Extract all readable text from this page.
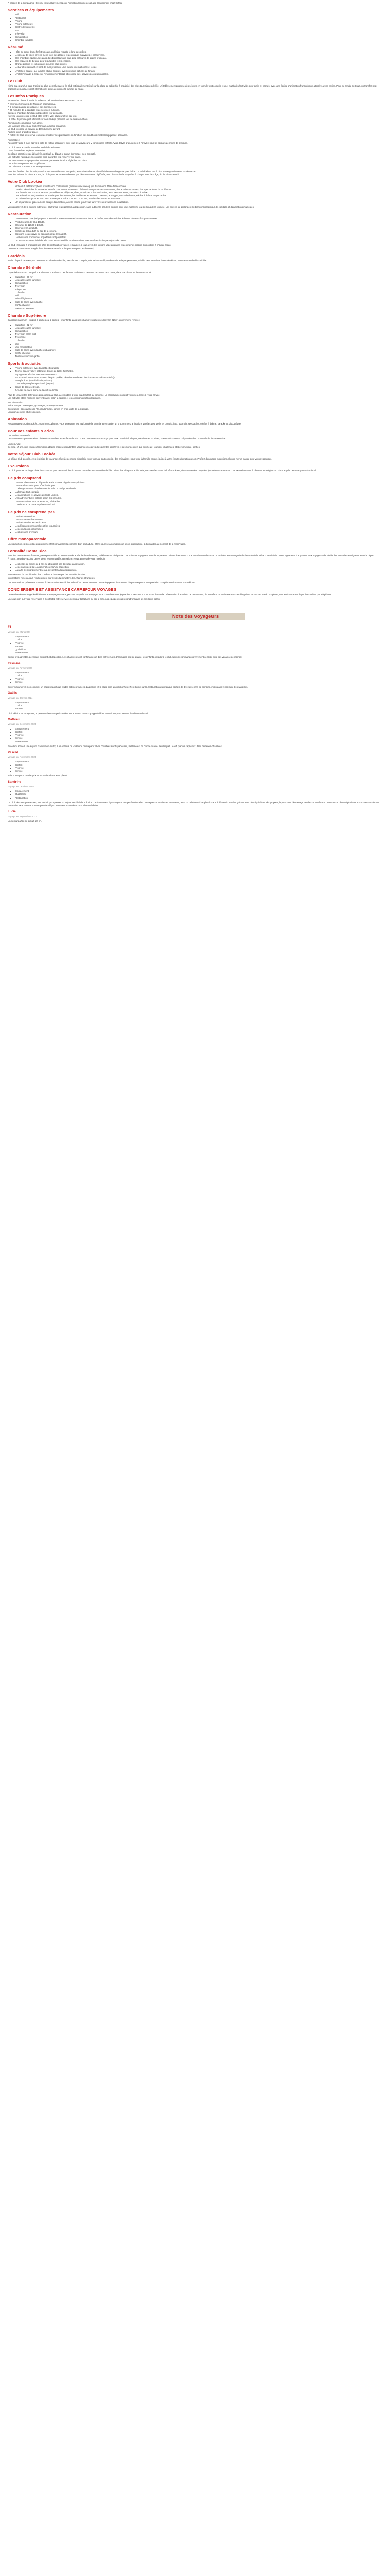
À propos de la compagnie : Ce prix est exclusivement pour Formation Concierge & Luge Equipement chez Coface
Services et équipements
• Wifi
• Restaurant
• Piscine
• Piscine extérieure
• Centre de bien-être
• Spa
• Télévision
• Climatisation
• Chambre familiale
Résumé
• Hôtel au cœur d'une forêt tropicale, en légère retraite le long des côtes.
• Le réseau de voies privées mène vers des plages et des criques sauvages et préservées.
• Des chambres spacieuses dans des bungalows de plain-pied entourés de jardins tropicaux.
• Des espaces de détente pour les adultes et les enfants.
• Grande piscine et club enfants pour les plus jeunes.
• Le bar et restaurant en bord de mer proposent une cuisine internationale et locale.
• L'hôtel est adapté aux familles et aux couples, avec plusieurs options de forfaits.
• L'hôtel s'engage à respecter l'environnement local et propose des activités éco-responsables.
Le Club
Niché au cœur d'un parc tropical de plus de 30 hectares, le Club est idéalement situé sur la plage de sable fin, à proximité des sites touristiques de l'île. L'établissement propose des séjours en formule tout compris et une multitude d'activités pour petits et grands, avec une équipe d'animation francophone attentive à vos envies. Pour se rendre au Club, un transfert est organisé depuis l'aéroport international, situé à environ 45 minutes de route.
Les Infos Pratiques
Arrivée des clients à partir de 15h00 et départ des chambres avant 12h00.
À environ 45 minutes de l'aéroport international.
À 5 minutes à pied du village et des commerces.
À 30 minutes de la capitale et de ses sites culturels.
Édit des chambres familiales disponibles sur demande.
Navette gratuite entre le Club et le centre-ville, plusieurs fois par jour.
Lit bébé disponible gratuitement sur demande (à préciser lors de la réservation).
Animaux de compagnie non admis.
Les langues parlées au Club : français, anglais, espagnol.
Le Club propose un service de blanchisserie payant.
Parking privé gratuit sur place.
À noter : le Club se réserve le droit de modifier ses prestations en fonction des conditions météorologiques et sanitaires.
Formalités :
Passport valide 6 mois après la date de retour obligatoire pour tous les voyageurs, y compris les enfants. Visa délivré gratuitement à l'arrivée pour les séjours de moins de 30 jours.
Le Club vous accueille selon les modalités suivantes :
Carte de crédit et espèces acceptées.
Dépôt de garantie exigé à l'arrivée, restitué au départ si aucun dommage n'est constaté.
Les activités nautiques motorisées sont payantes et à réserver sur place.
Les excursions sont proposées par notre partenaire local et réglables sur place.
Les soins au spa sont en supplément.
Les boissons premium sont en supplément.
Pour les familles : le Club dispose d'un espace dédié aux tout-petits, avec chaise haute, chauffe-biberon et baignoire pour bébé. Le kit bébé est mis à disposition gratuitement sur demande.
Pour les enfants de plus de 4 ans, le Club propose un encadrement par des animateurs diplômés, avec des activités adaptées à chaque tranche d'âge, du lundi au samedi.
Votre Club Lookéa
• Notre club est francophone et ambiance chaleureuse garantie avec une équipe d'animation 100% francophone.
• Lookéa : des clubs de vacances pensés pour toutes les envies, où l'on vit au rythme des animations, des activités sportives, des spectacles et de la détente.
• Une formule tout compris incluant petit-déjeuner, déjeuner, dîner, snacks et boissons locales, avec ou sans alcool, de 10h00 à 23h00.
• Des animations en journée et en soirée pour les adultes, les familles et les enfants : tournois, aquagym, cours de danse, soirées à thème et spectacles.
• Un club enfants pour les 4-12 ans et un espace ados pour les 13-17 ans, pendant les vacances scolaires.
• Un séjour réussi grâce à notre équipe d'animation, à votre écoute pour vous faire vivre des vacances inoubliables.
Vous profiterez de la piscine extérieure, du transat et du parasol à disposition, sans oublier le bar de la piscine pour vous rafraîchir tout au long de la journée. Les soirées se prolongent au bar principal autour de cocktails et d'animations musicales.
Restauration
• Le restaurant principal propose une cuisine internationale et locale sous forme de buffet, avec des soirées à thème plusieurs fois par semaine.
• Petit-déjeuner de 7h à 10h30.
• Déjeuner de 12h30 à 14h30.
• Dîner de 19h à 21h30.
• Snacks de 11h à 18h au bar de la piscine.
• Boissons locales avec ou sans alcool de 10h à 23h.
• Les boissons premium et importées sont payantes.
• Un restaurant de spécialités à la carte est accessible sur réservation, avec un dîner inclus par séjour de 7 nuits.
Le Club s'engage à proposer une offre de restauration variée et adaptée à tous, avec des options végétariennes et des menus enfants disponibles à chaque repas.
Une tenue correcte est exigée dans les restaurants le soir (pantalon pour les hommes).
Gardénia
Tarifs : À partir de 890€ par personne en chambre double, formule tout compris, vols inclus au départ de Paris. Prix par personne, valable pour certaines dates de départ, sous réserve de disponibilité.
Chambre Sérénité
Capacité maximum : jusqu'à 3 adultes ou 2 adultes + 1 enfant ou 2 adultes + 2 enfants de moins de 12 ans, dans une chambre d'environ 28 m².
• Superficie : 28 m²
• Lit double ou lits jumeaux
• Climatisation
• Télévision
• Téléphone
• Coffre-fort
• Wifi
• Mini-réfrigérateur
• Salle de bains avec douche
• Sèche-cheveux
• Balcon ou terrasse
Chambre Supérieure
Capacité maximum : jusqu'à 3 adultes ou 2 adultes + 2 enfants, dans une chambre spacieuse d'environ 32 m², entièrement rénovée.
• Superficie : 32 m²
• Lit double ou lits jumeaux
• Climatisation
• Télévision écran plat
• Téléphone
• Coffre-fort
• Wifi
• Mini-réfrigérateur
• Salle de bains avec douche ou baignoire
• Sèche-cheveux
• Terrasse avec vue jardin
Sports & activités
• Piscine extérieure avec transats et parasols.
• Tennis, beach-volley, pétanque, tennis de table, fléchettes.
• Aquagym et aérobic avec nos animateurs.
• Sports nautiques non motorisés : kayak, paddle, planche à voile (en fonction des conditions météo).
• Plongée libre (matériel à disposition).
• Centre de plongée à proximité (payant).
• Cours de danse et yoga.
• Activités de découverte de la culture locale.
Plus de 40 activités différentes proposées au Club, accessibles à tous, du débutant au confirmé. Le programme complet vous sera remis à votre arrivée.
Les activités et les horaires peuvent varier selon la saison et les conditions météorologiques.
Sur réservation :
Soins au spa : massages, gommages, enveloppements.
Excursions : découverte de l'île, randonnées, sorties en mer, visite de la capitale.
Location de vélos et de scooters.
Animation
Nos animateurs Club Lookéa, 100% francophones, vous proposent tout au long de la journée et en soirée un programme d'animations variées pour petits et grands : jeux, tournois, spectacles, soirées à thème, karaoké et discothèque.
Pour vos enfants & ados
Les ateliers du Lookéa :
Des animateurs passionnés et diplômés accueillent les enfants de 4 à 12 ans dans un espace conçu pour eux : activités ludiques, créatives et sportives, sorties découverte, préparation d'un spectacle de fin de semaine.
Lookéa Ado :
De 13 à 17 ans, une équipe d'animation dédiée propose pendant les vacances scolaires des activités sportives et des soirées rien que pour eux : tournois, challenges, ateliers musique, sorties.
Votre Séjour Club Lookéa
Le séjour Club Lookéa, c'est le plaisir de vacances réussies en toute simplicité : une formule tout compris, des animations pour toute la famille et une équipe à votre écoute du matin au soir. Profitez d'un cadre exceptionnel entre mer et nature pour vous ressourcer.
Excursions
Le Club propose un large choix d'excursions pour découvrir les richesses naturelles et culturelles de l'île : visite des villages traditionnels, randonnées dans la forêt tropicale, observation des dauphins, journée en catamaran. Les excursions sont à réserver et à régler sur place auprès de notre partenaire local.
Ce prix comprend
• Les vols aller-retour au départ de Paris sur vols réguliers ou spéciaux.
• Les transferts aéroport / hôtel / aéroport.
• L'hébergement en chambre double selon la catégorie choisie.
• La formule tout compris.
• Les animations et activités du Club Lookéa.
• L'encadrement des enfants selon les périodes.
• Les taxes aéroport et redevances, révisables.
• L'assistance de notre représentant local.
Ce prix ne comprend pas
• Les frais de service.
• Les assurances facultatives.
• Les frais de visa le cas échéant.
• Les dépenses personnelles et les pourboires.
• Les excursions optionnelles.
• Les boissons premium.
Offre monoparentale
Une réduction est accordée au premier enfant partageant la chambre d'un seul adulte. Offre soumise à conditions et selon disponibilité, à demander au moment de la réservation.
Formalité Costa Rica
Pour les ressortissants français, passeport valide au moins 6 mois après la date de retour, et billet retour obligatoire. Les mineurs voyageant sans leurs parents doivent être munis d'une autorisation de sortie du territoire accompagnée de la copie de la pièce d'identité du parent signataire. Il appartient aux voyageurs de vérifier les formalités en vigueur avant le départ.
À noter : certains vaccins peuvent être recommandés, renseignez-vous auprès de votre médecin.
• Les bébés de moins de 2 ans ne disposent pas de siège dans l'avion.
• Les enfants de 2 à 11 ans bénéficient d'une réduction.
• La carte d'embarquement sera à présenter à l'enregistrement.
Sous réserve de modification des conditions d'entrée par les autorités locales.
Informations mises à jour régulièrement sur le site du ministère des Affaires étrangères.
Les informations présentes sur cette fiche sont données à titre indicatif et peuvent évoluer. Notre équipe se tient à votre disposition pour toute précision complémentaire avant votre départ.
CONCIERGERIE ET ASSISTANCE CARREFOUR VOYAGES
Un service de conciergerie dédié vous accompagne avant, pendant et après votre voyage. Nos conseillers sont joignables 7 jours sur 7 pour toute demande : réservation d'activités, de restaurants, de transferts ou assistance en cas d'imprévu. En cas de besoin sur place, une assistance est disponible 24h/24 par téléphone.
Une question sur votre réservation ? Contactez notre service clients par téléphone ou par e-mail, nos équipes vous répondront dans les meilleurs délais.
Note des voyageurs
F.L.
Voyage en: Mars 2024
• Emplacement
• Confort
• Propreté
• Service
• Qualité/prix
• Restauration
Séjour très agréable, personnel souriant et disponible. Les chambres sont confortables et bien entretenues. L'animation est de qualité, les enfants ont adoré le club. Nous recommandons vivement ce Club pour des vacances en famille.
Yasmine
Voyage en: Février 2024
• Emplacement
• Confort
• Propreté
• Service
Super séjour avec mon conjoint, un cadre magnifique et des activités variées. La piscine et la plage sont un vrai bonheur. Petit bémol sur la restauration qui manque parfois de diversité en fin de semaine, mais dans l'ensemble très satisfaits.
Gaëlle
Voyage en: Janvier 2024
• Emplacement
• Confort
• Service
Club idéal pour se reposer, le personnel est aux petits soins. Nous avons beaucoup apprécié les excursions proposées et l'ambiance du soir.
Mathieu
Voyage en: Décembre 2023
• Emplacement
• Confort
• Propreté
• Service
• Restauration
Excellent accueil, une équipe d'animation au top. Les enfants ne voulaient plus repartir ! Les chambres sont spacieuses, la literie est de bonne qualité. Seul regret : le wifi parfois capricieux dans certaines chambres.
Pascal
Voyage en: Novembre 2023
• Emplacement
• Confort
• Propreté
• Service
Très bon rapport qualité prix. Nous reviendrons avec plaisir.
Sandrine
Voyage en: Octobre 2023
• Emplacement
• Qualité/prix
• Restauration
Le Club tient ses promesses, tout est fait pour passer un séjour inoubliable. L'équipe d'animation est dynamique et très professionnelle. Les repas sont variés et savoureux, avec un bel éventail de plats locaux à découvrir. Les bungalows sont bien équipés et très propres, le personnel de ménage est discret et efficace. Nous avons réservé plusieurs excursions auprès du partenaire local et nous n'avons pas été déçus. Nous recommandons ce Club sans hésiter.
Lucie
Voyage en: Septembre 2023
Un séjour parfait du début à la fin.
